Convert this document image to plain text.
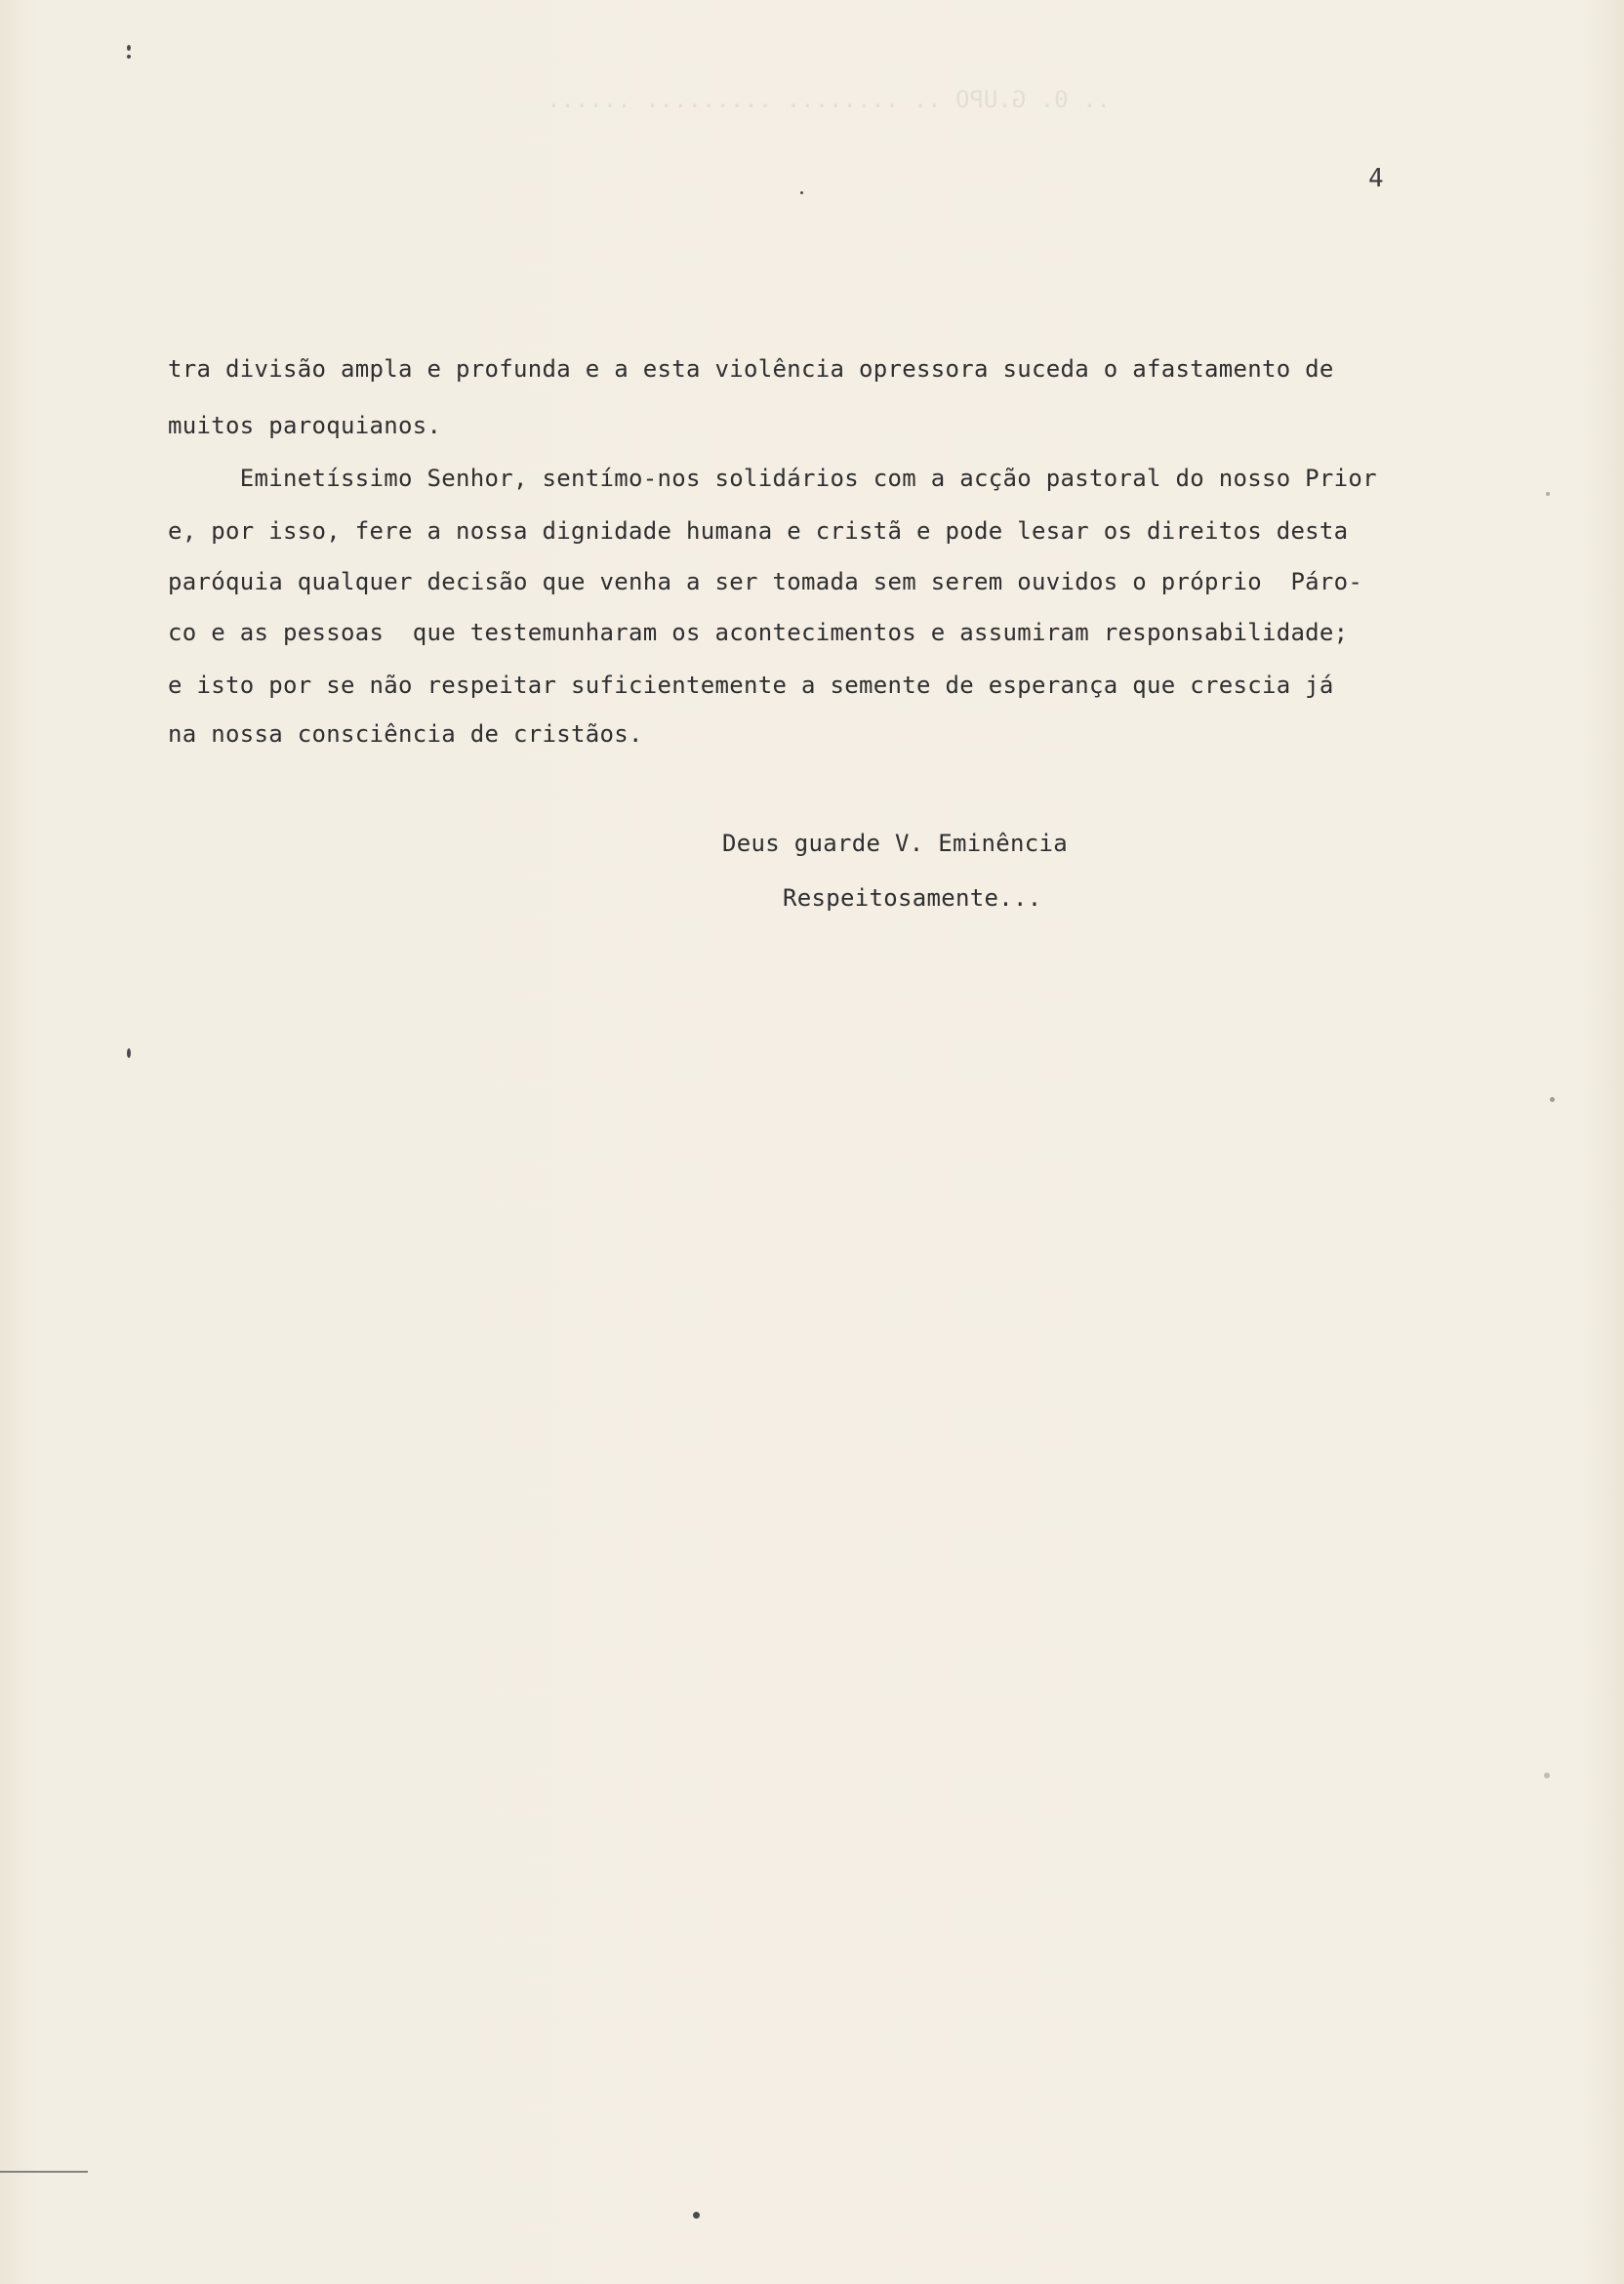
.. 0. G.UPO .. ........ ......... ......
4
tra divisão ampla e profunda e a esta violência opressora suceda o afastamento de
muitos paroquianos.
Eminetíssimo Senhor, sentímo-nos solidários com a acção pastoral do nosso Prior
e, por isso, fere a nossa dignidade humana e cristã e pode lesar os direitos desta
paróquia qualquer decisão que venha a ser tomada sem serem ouvidos o próprio  Páro-
co e as pessoas  que testemunharam os acontecimentos e assumiram responsabilidade;
e isto por se não respeitar suficientemente a semente de esperança que crescia já
na nossa consciência de cristãos.
Deus guarde V. Eminência
Respeitosamente...
